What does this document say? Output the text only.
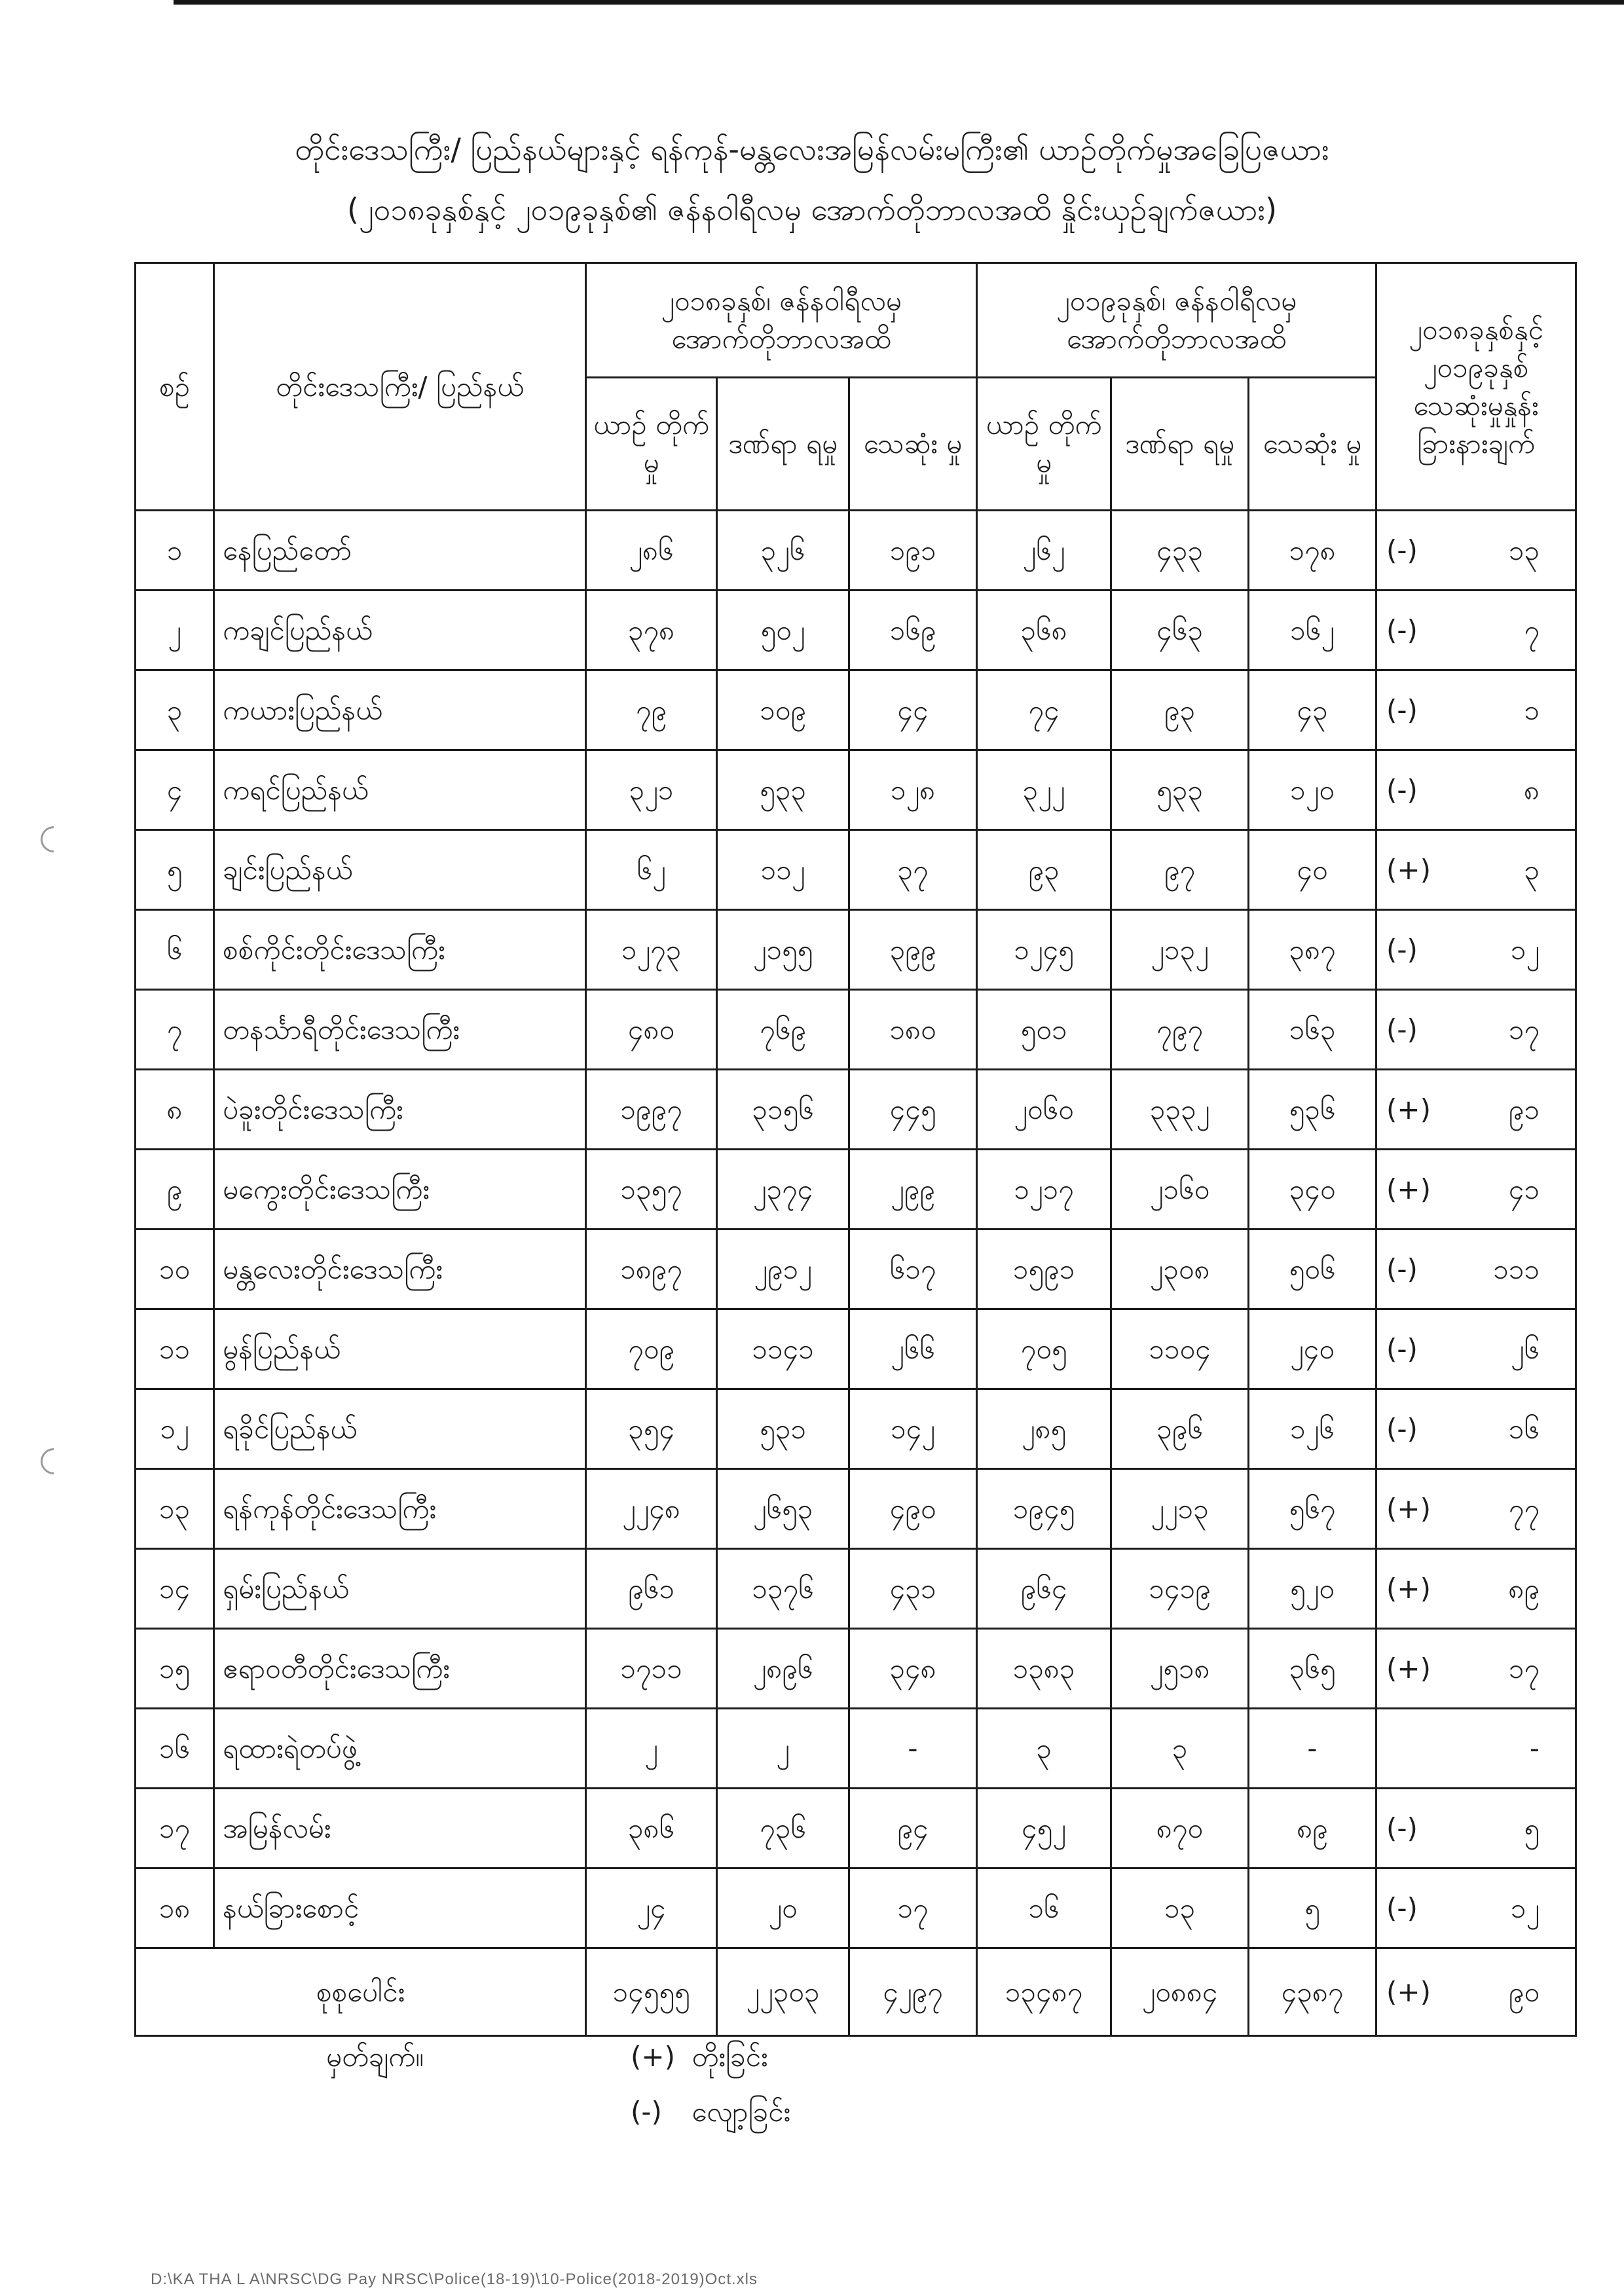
တိုင်းဒေသကြီး/ ပြည်နယ်များနှင့် ရန်ကုန်-မန္တလေးအမြန်လမ်းမကြီး၏ ယာဉ်တိုက်မှုအခြေပြဇယား
(၂၀၁၈ခုနှစ်နှင့် ၂၀၁၉ခုနှစ်၏ ဇန်နဝါရီလမှ အောက်တိုဘာလအထိ နှိုင်းယှဉ်ချက်ဇယား)
စဉ်	တိုင်းဒေသကြီး/ ပြည်နယ်	၂၀၁၈ခုနှစ်၊ ဇန်နဝါရီလမှ အောက်တိုဘာလအထိ			၂၀၁၉ခုနှစ်၊ ဇန်နဝါရီလမှ အောက်တိုဘာလအထိ			၂၀၁၈ခုနှစ်နှင့် ၂၀၁၉ခုနှစ် သေဆုံးမှုနှုန်း ခြားနားချက်
		ယာဉ် တိုက်မှု	ဒဏ်ရာ ရမှု	သေဆုံး မှု	ယာဉ် တိုက်မှု	ဒဏ်ရာ ရမှု	သေဆုံး မှု	
၁	နေပြည်တော်	၂၈၆	၃၂၆	၁၉၁	၂၆၂	၄၃၃	၁၇၈	(-) ၁၃

၂	ကချင်ပြည်နယ်	၃၇၈	၅၀၂	၁၆၉	၃၆၈	၄၆၃	၁၆၂	(-) ၇

၃	ကယားပြည်နယ်	၇၉	၁၀၉	၄၄	၇၄	၉၃	၄၃	(-) ၁

၄	ကရင်ပြည်နယ်	၃၂၁	၅၃၃	၁၂၈	၃၂၂	၅၃၃	၁၂၀	(-) ၈

၅	ချင်းပြည်နယ်	၆၂	၁၁၂	၃၇	၉၃	၉၇	၄၀	(+) ၃

၆	စစ်ကိုင်းတိုင်းဒေသကြီး	၁၂၇၃	၂၁၅၅	၃၉၉	၁၂၄၅	၂၁၃၂	၃၈၇	(-) ၁၂

၇	တနင်္သာရီတိုင်းဒေသကြီး	၄၈၀	၇၆၉	၁၈၀	၅၀၁	၇၉၇	၁၆၃	(-) ၁၇

၈	ပဲခူးတိုင်းဒေသကြီး	၁၉၉၇	၃၁၅၆	၄၄၅	၂၀၆၀	၃၃၃၂	၅၃၆	(+) ၉၁

၉	မကွေးတိုင်းဒေသကြီး	၁၃၅၇	၂၃၇၄	၂၉၉	၁၂၁၇	၂၁၆၀	၃၄၀	(+) ၄၁

၁၀	မန္တလေးတိုင်းဒေသကြီး	၁၈၉၇	၂၉၁၂	၆၁၇	၁၅၉၁	၂၃၀၈	၅၀၆	(-) ၁၁၁

၁၁	မွန်ပြည်နယ်	၇၀၉	၁၁၄၁	၂၆၆	၇၀၅	၁၁၀၄	၂၄၀	(-) ၂၆

၁၂	ရခိုင်ပြည်နယ်	၃၅၄	၅၃၁	၁၄၂	၂၈၅	၃၉၆	၁၂၆	(-) ၁၆

၁၃	ရန်ကုန်တိုင်းဒေသကြီး	၂၂၄၈	၂၆၅၃	၄၉၀	၁၉၄၅	၂၂၁၃	၅၆၇	(+) ၇၇

၁၄	ရှမ်းပြည်နယ်	၉၆၁	၁၃၇၆	၄၃၁	၉၆၄	၁၄၁၉	၅၂၀	(+) ၈၉

၁၅	ဧရာဝတီတိုင်းဒေသကြီး	၁၇၁၁	၂၈၉၆	၃၄၈	၁၃၈၃	၂၅၁၈	၃၆၅	(+) ၁၇

၁၆	ရထားရဲတပ်ဖွဲ့	၂	၂	-	၃	၃	-	-

၁၇	အမြန်လမ်း	၃၈၆	၇၃၆	၉၄	၄၅၂	၈၇၀	၈၉	(-) ၅

၁၈	နယ်ခြားစောင့်	၂၄	၂၀	၁၇	၁၆	၁၃	၅	(-) ၁၂

စုစုပေါင်း		၁၄၅၅၅	၂၂၃၀၃	၄၂၉၇	၁၃၄၈၇	၂၀၈၈၄	၄၃၈၇	(+) ၉၀
မှတ်ချက်။	(+) တိုးခြင်း
(-) လျော့ခြင်း
D:\KA THA L A\NRSC\DG Pay NRSC\Police(18-19)\10-Police(2018-2019)Oct.xls
